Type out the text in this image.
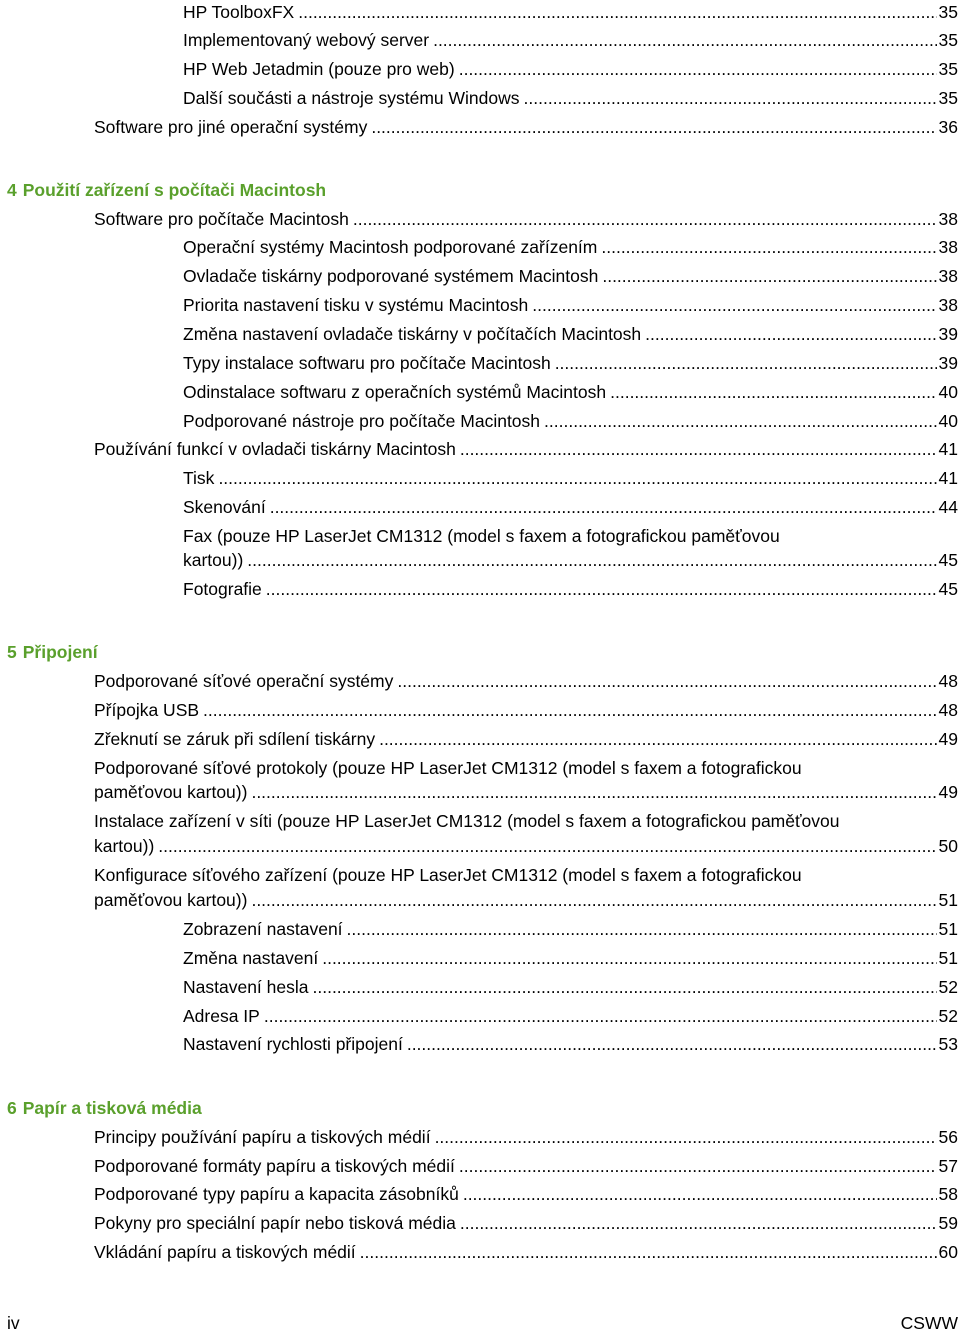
HP ToolboxFX .....	35
Implementovaný webový server .....	35
HP Web Jetadmin (pouze pro web) .....	35
Další součásti a nástroje systému Windows .....	35
Software pro jiné operační systémy .....	36
4 Použití zařízení s počítači Macintosh
Software pro počítače Macintosh .....	38
Operační systémy Macintosh podporované zařízením .....	38
Ovladače tiskárny podporované systémem Macintosh .....	38
Priorita nastavení tisku v systému Macintosh .....	38
Změna nastavení ovladače tiskárny v počítačích Macintosh .....	39
Typy instalace softwaru pro počítače Macintosh .....	39
Odinstalace softwaru z operačních systémů Macintosh .....	40
Podporované nástroje pro počítače Macintosh .....	40
Používání funkcí v ovladači tiskárny Macintosh .....	41
Tisk .....	41
Skenování .....	44
Fax (pouze HP LaserJet CM1312 (model s faxem a fotografickou paměťovou
kartou)) .....	45
Fotografie .....	45
5 Připojení
Podporované síťové operační systémy .....	48
Přípojka USB .....	48
Zřeknutí se záruk při sdílení tiskárny .....	49
Podporované síťové protokoly (pouze HP LaserJet CM1312 (model s faxem a fotografickou
paměťovou kartou)) .....	49
Instalace zařízení v síti (pouze HP LaserJet CM1312 (model s faxem a fotografickou paměťovou
kartou)) .....	50
Konfigurace síťového zařízení (pouze HP LaserJet CM1312 (model s faxem a fotografickou
paměťovou kartou)) .....	51
Zobrazení nastavení .....	51
Změna nastavení .....	51
Nastavení hesla .....	52
Adresa IP .....	52
Nastavení rychlosti připojení .....	53
6 Papír a tisková média
Principy používání papíru a tiskových médií .....	56
Podporované formáty papíru a tiskových médií .....	57
Podporované typy papíru a kapacita zásobníků .....	58
Pokyny pro speciální papír nebo tisková média .....	59
Vkládání papíru a tiskových médií .....	60
iv	CSWW
